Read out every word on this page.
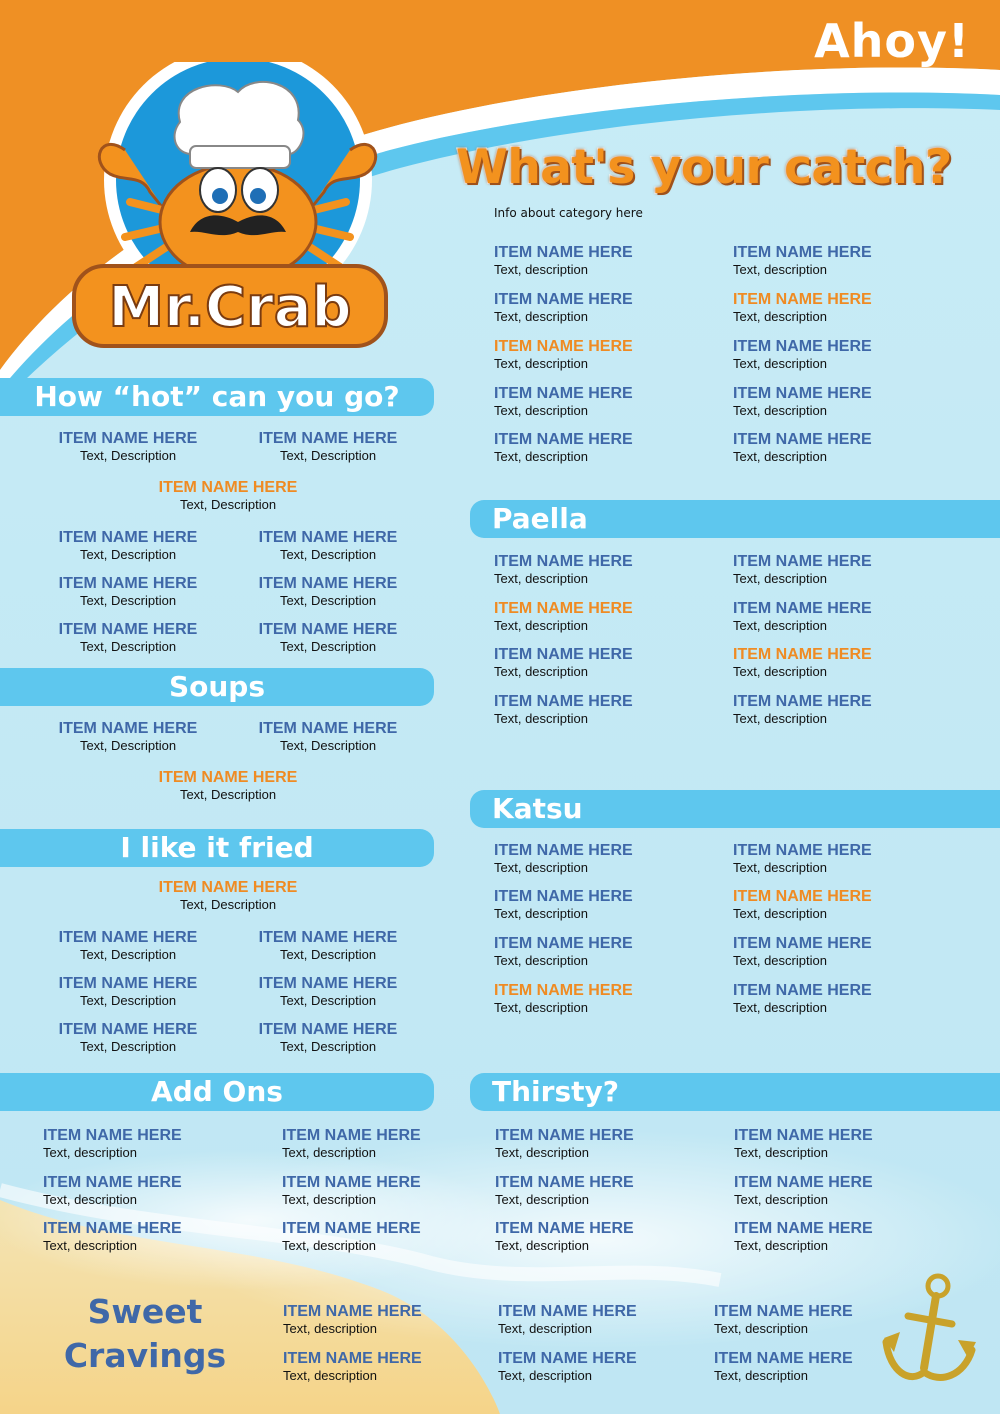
Mr.Crab
Ahoy!
What's your catch?
Info about category here
ITEM NAME HERE
Text, description
ITEM NAME HERE
Text, description
ITEM NAME HERE
Text, description
ITEM NAME HERE
Text, description
ITEM NAME HERE
Text, description
ITEM NAME HERE
Text, description
ITEM NAME HERE
Text, description
ITEM NAME HERE
Text, description
ITEM NAME HERE
Text, description
ITEM NAME HERE
Text, description
How “hot” can you go?
ITEM NAME HERE
Text, Description
ITEM NAME HERE
Text, Description
ITEM NAME HERE
Text, Description
ITEM NAME HERE
Text, Description
ITEM NAME HERE
Text, Description
ITEM NAME HERE
Text, Description
ITEM NAME HERE
Text, Description
ITEM NAME HERE
Text, Description
ITEM NAME HERE
Text, Description
Soups
ITEM NAME HERE
Text, Description
ITEM NAME HERE
Text, Description
ITEM NAME HERE
Text, Description
I like it fried
ITEM NAME HERE
Text, Description
ITEM NAME HERE
Text, Description
ITEM NAME HERE
Text, Description
ITEM NAME HERE
Text, Description
ITEM NAME HERE
Text, Description
ITEM NAME HERE
Text, Description
ITEM NAME HERE
Text, Description
Paella
ITEM NAME HERE
Text, description
ITEM NAME HERE
Text, description
ITEM NAME HERE
Text, description
ITEM NAME HERE
Text, description
ITEM NAME HERE
Text, description
ITEM NAME HERE
Text, description
ITEM NAME HERE
Text, description
ITEM NAME HERE
Text, description
Katsu
ITEM NAME HERE
Text, description
ITEM NAME HERE
Text, description
ITEM NAME HERE
Text, description
ITEM NAME HERE
Text, description
ITEM NAME HERE
Text, description
ITEM NAME HERE
Text, description
ITEM NAME HERE
Text, description
ITEM NAME HERE
Text, description
Add Ons
ITEM NAME HERE
Text, description
ITEM NAME HERE
Text, description
ITEM NAME HERE
Text, description
ITEM NAME HERE
Text, description
ITEM NAME HERE
Text, description
ITEM NAME HERE
Text, description
Thirsty?
ITEM NAME HERE
Text, description
ITEM NAME HERE
Text, description
ITEM NAME HERE
Text, description
ITEM NAME HERE
Text, description
ITEM NAME HERE
Text, description
ITEM NAME HERE
Text, description
Sweet
Cravings
ITEM NAME HERE
Text, description
ITEM NAME HERE
Text, description
ITEM NAME HERE
Text, description
ITEM NAME HERE
Text, description
ITEM NAME HERE
Text, description
ITEM NAME HERE
Text, description
